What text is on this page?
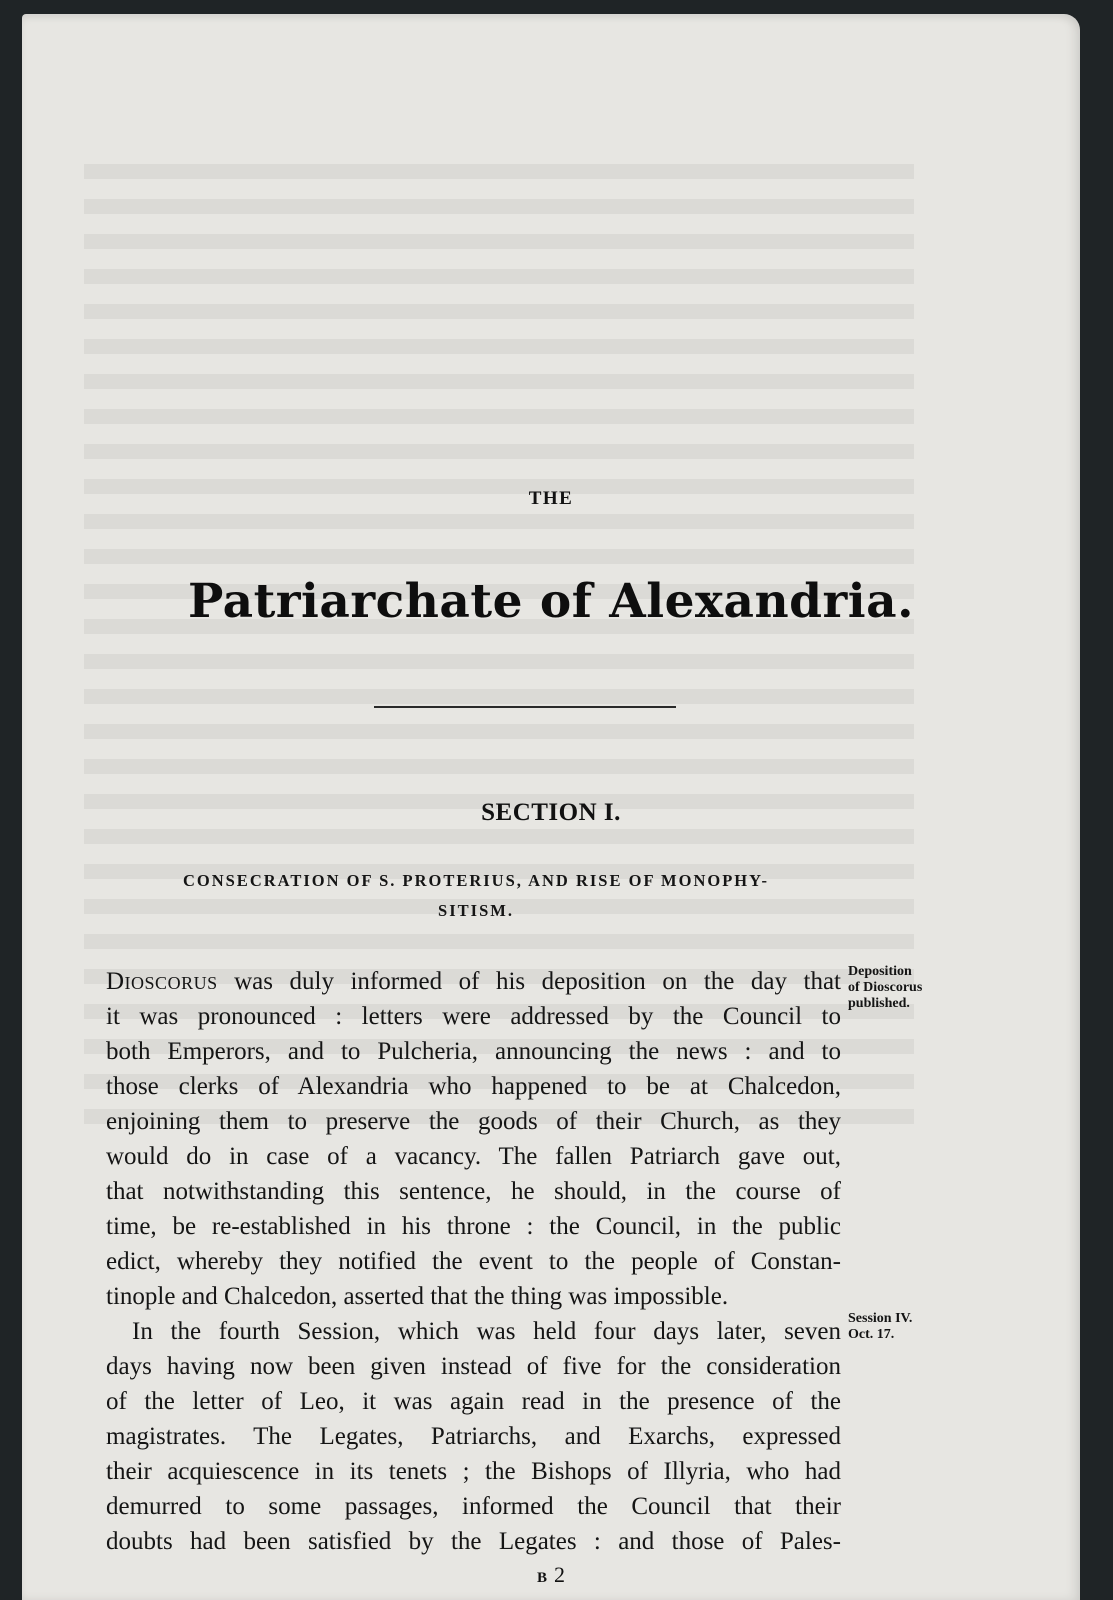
THE
Patriarchate of Alexandria.
SECTION I.
CONSECRATION OF S. PROTERIUS, AND RISE OF MONOPHY-
SITISM.
Dioscorus was duly informed of his deposition on the day that
it was pronounced : letters were addressed by the Council to
both Emperors, and to Pulcheria, announcing the news : and to
those clerks of Alexandria who happened to be at Chalcedon,
enjoining them to preserve the goods of their Church, as they
would do in case of a vacancy. The fallen Patriarch gave out,
that notwithstanding this sentence, he should, in the course of
time, be re-established in his throne : the Council, in the public
edict, whereby they notified the event to the people of Constan-
tinople and Chalcedon, asserted that the thing was impossible.
Deposition
of Dioscorus
published.
In the fourth Session, which was held four days later, seven
days having now been given instead of five for the consideration
of the letter of Leo, it was again read in the presence of the
magistrates. The Legates, Patriarchs, and Exarchs, expressed
their acquiescence in its tenets ; the Bishops of Illyria, who had
demurred to some passages, informed the Council that their
doubts had been satisfied by the Legates : and those of Pales-
Session IV.
Oct. 17.
B 2
